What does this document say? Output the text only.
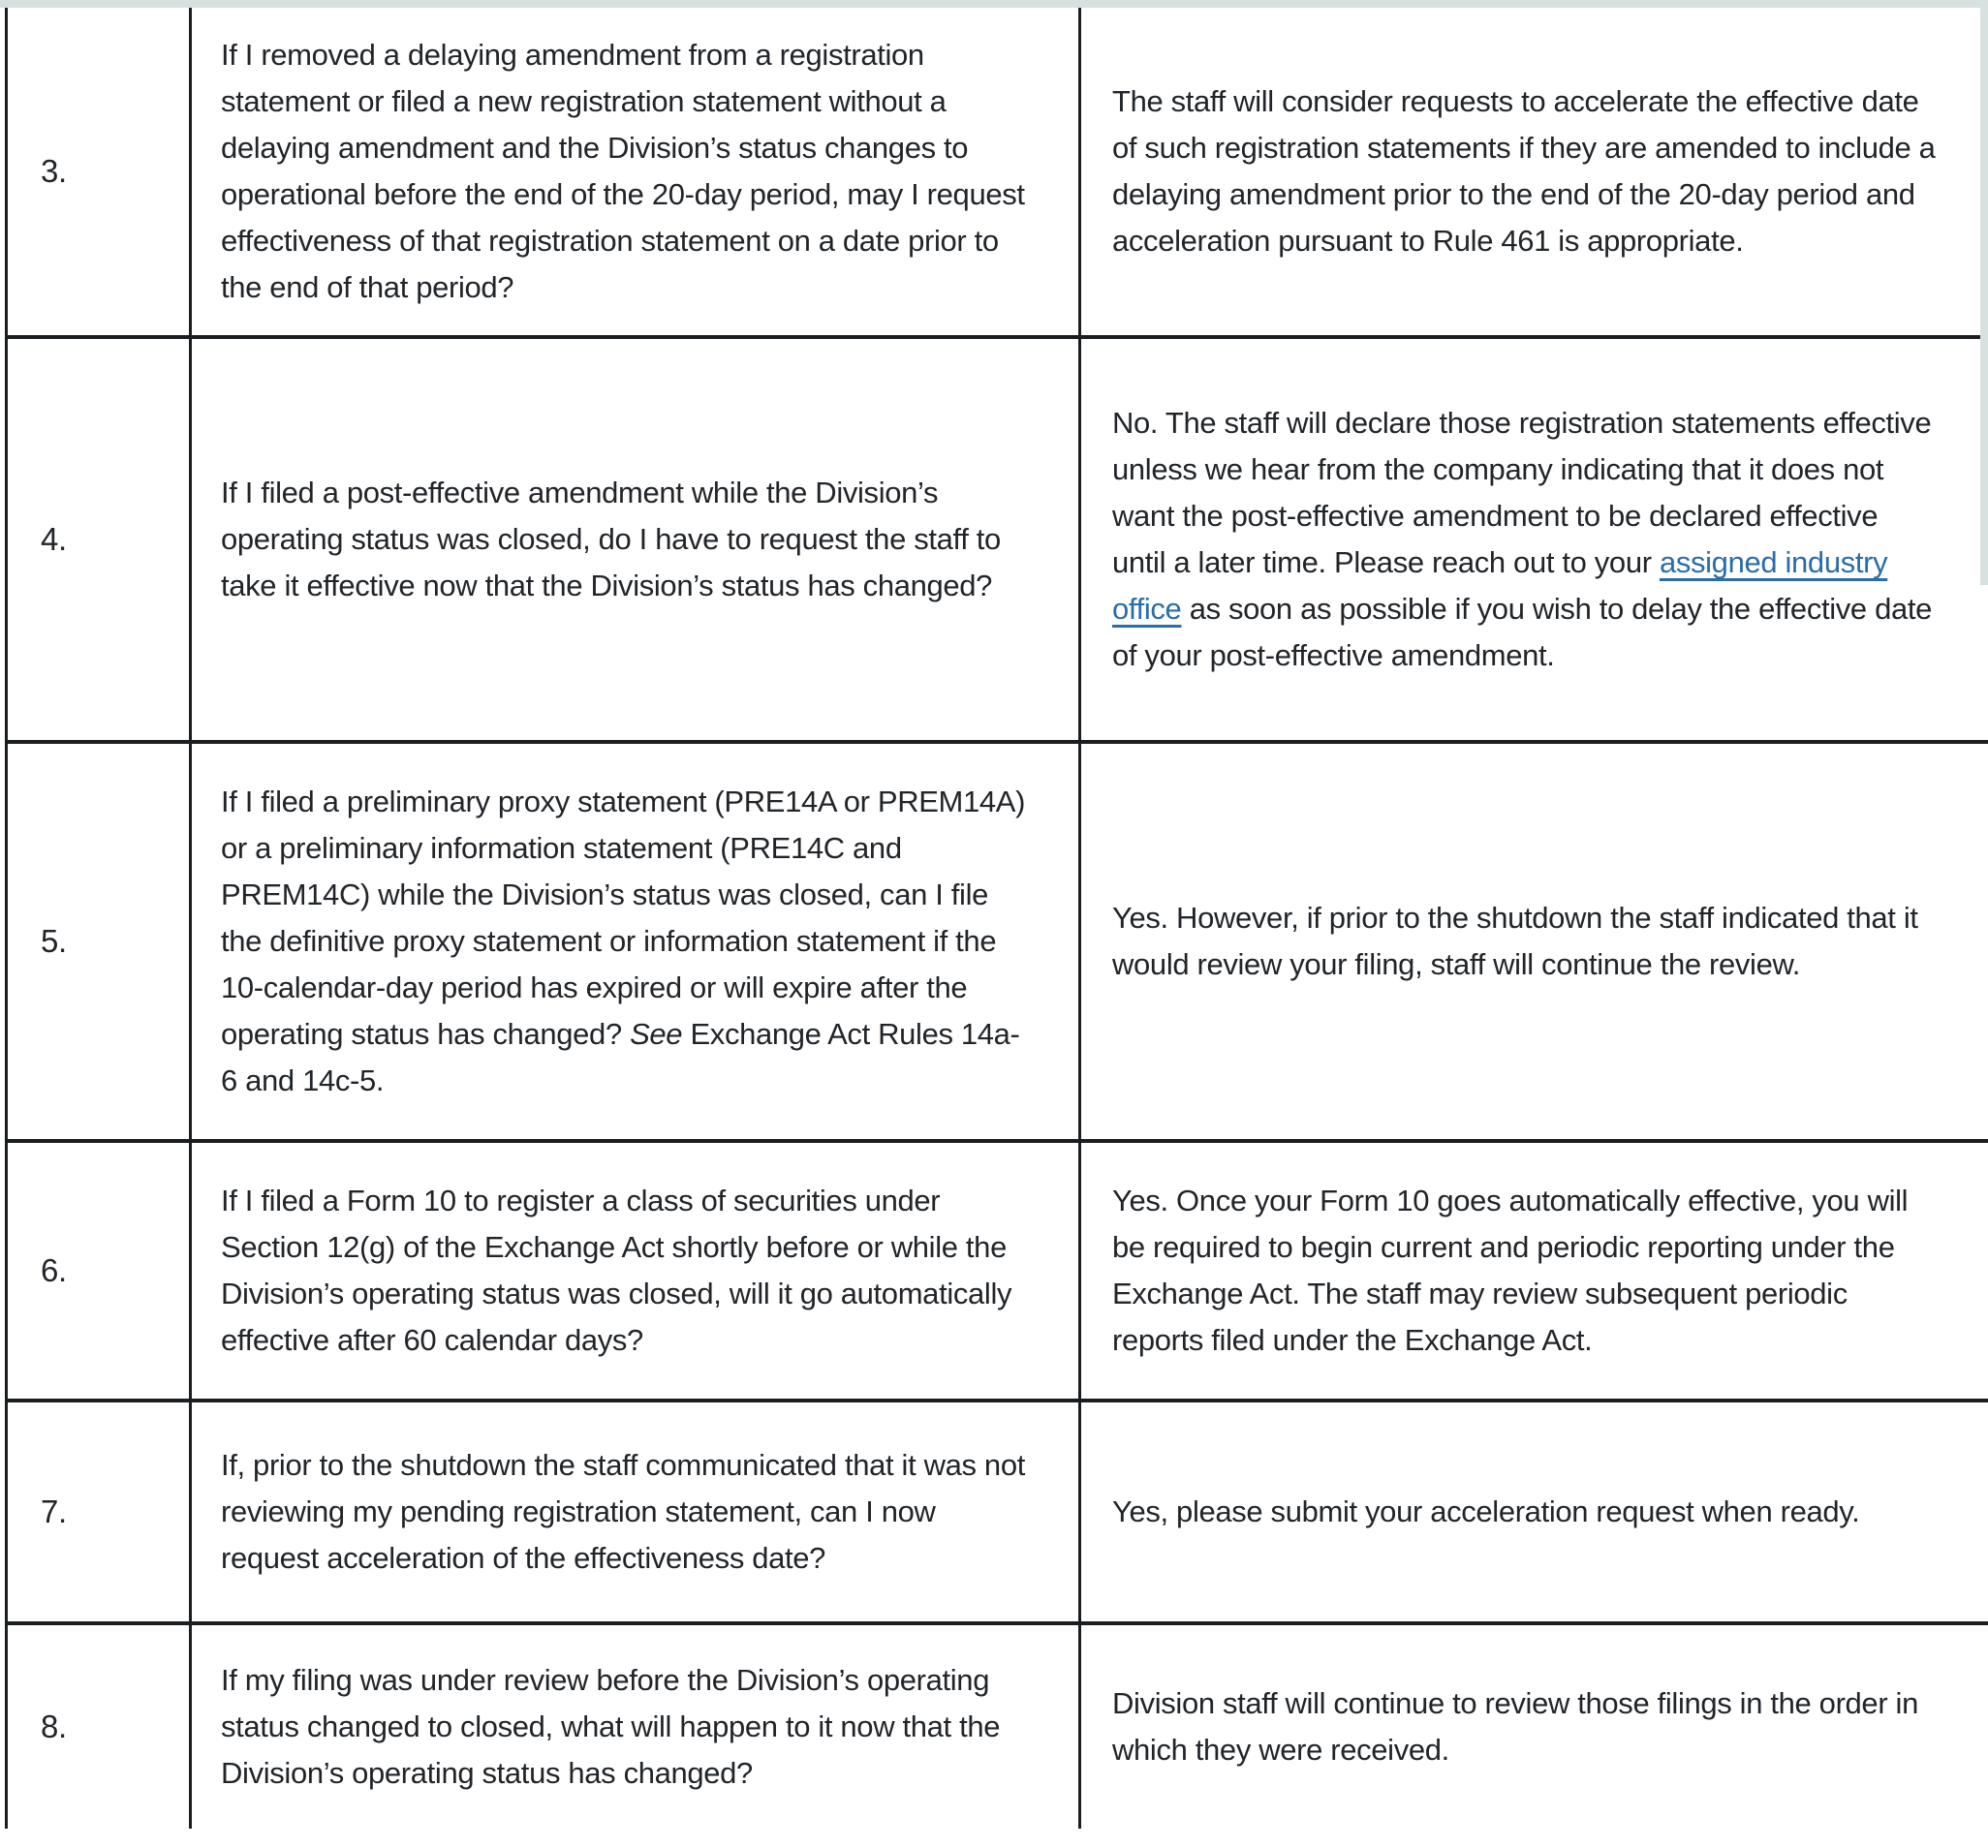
3.	If I removed a delaying amendment from a registration statement or filed a new registration statement without a delaying amendment and the Division’s status changes to operational before the end of the 20-day period, may I request effectiveness of that registration statement on a date prior to the end of that period?	The staff will consider requests to accelerate the effective date of such registration statements if they are amended to include a delaying amendment prior to the end of the 20-day period and acceleration pursuant to Rule 461 is appropriate.
4.	If I filed a post-effective amendment while the Division’s operating status was closed, do I have to request the staff to take it effective now that the Division’s status has changed?	No. The staff will declare those registration statements effective unless we hear from the company indicating that it does not want the post-effective amendment to be declared effective until a later time. Please reach out to your assigned industry office as soon as possible if you wish to delay the effective date of your post-effective amendment.
5.	If I filed a preliminary proxy statement (PRE14A or PREM14A) or a preliminary information statement (PRE14C and PREM14C) while the Division’s status was closed, can I file the definitive proxy statement or information statement if the 10-calendar-day period has expired or will expire after the operating status has changed? See Exchange Act Rules 14a-6 and 14c-5.	Yes. However, if prior to the shutdown the staff indicated that it would review your filing, staff will continue the review.
6.	If I filed a Form 10 to register a class of securities under Section 12(g) of the Exchange Act shortly before or while the Division’s operating status was closed, will it go automatically effective after 60 calendar days?	Yes. Once your Form 10 goes automatically effective, you will be required to begin current and periodic reporting under the Exchange Act. The staff may review subsequent periodic reports filed under the Exchange Act.
7.	If, prior to the shutdown the staff communicated that it was not reviewing my pending registration statement, can I now request acceleration of the effectiveness date?	Yes, please submit your acceleration request when ready.
8.	If my filing was under review before the Division’s operating status changed to closed, what will happen to it now that the Division’s operating status has changed?	Division staff will continue to review those filings in the order in which they were received.
